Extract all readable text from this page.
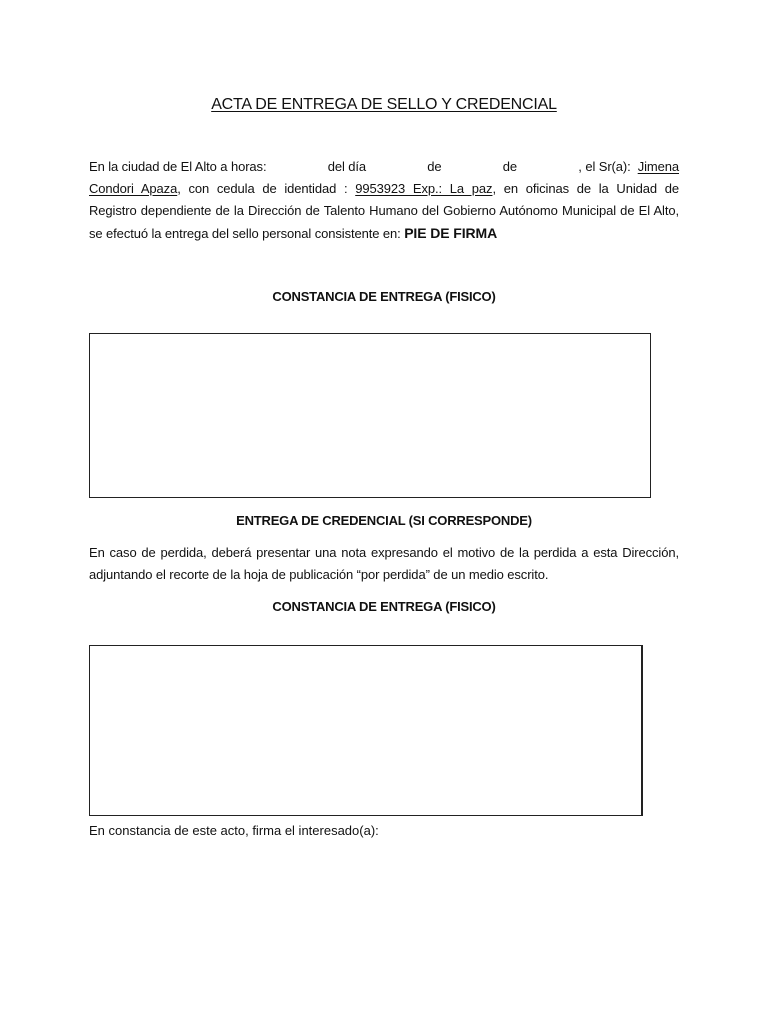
ACTA DE ENTREGA DE SELLO Y CREDENCIAL
En la ciudad de El Alto a horas:	del día	de	de	, el Sr(a): Jimena
Condori Apaza, con cedula de identidad : 9953923 Exp.: La paz, en oficinas de la Unidad de
Registro dependiente de la Dirección de Talento Humano del Gobierno Autónomo Municipal de El Alto, se efectuó la entrega del sello personal consistente en: PIE DE FIRMA
CONSTANCIA DE ENTREGA (FISICO)
ENTREGA DE CREDENCIAL (SI CORRESPONDE)
En caso de perdida, deberá presentar una nota expresando el motivo de la perdida a esta Dirección, adjuntando el recorte de la hoja de publicación “por perdida” de un medio escrito.
CONSTANCIA DE ENTREGA (FISICO)
En constancia de este acto, firma el interesado(a):
